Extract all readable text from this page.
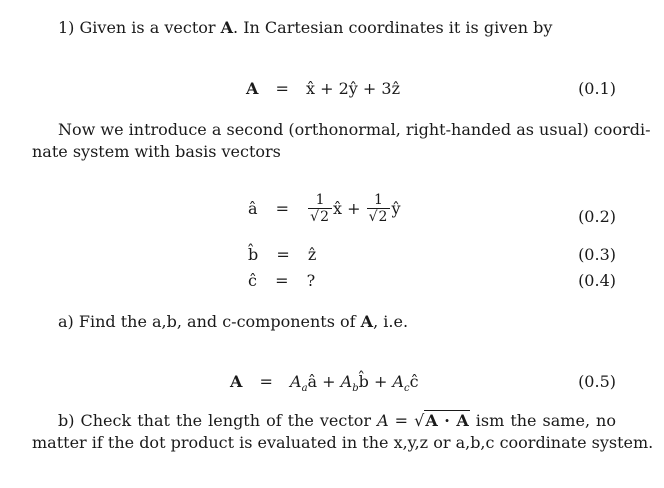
1) Given is a vector A. In Cartesian coordinates it is given by
A = x̂ + 2ŷ + 3ẑ	(0.1)
Now we introduce a second (orthonormal, right-handed as usual) coordi-
nate system with basis vectors
â = $\frac{1}{√2}$ x̂ + $\frac{1}{√2}$ ŷ	(0.2)
b̂ = ẑ	(0.3)
ĉ = ?	(0.4)
a) Find the a,b, and c-components of A, i.e.
$A = A_aâ$ + $A_bb̂$ + $A_cĉ$	(0.5)
b) Check that the length of the vector A = √A · A ism the same, no
matter if the dot product is evaluated in the x,y,z or a,b,c coordinate system.
